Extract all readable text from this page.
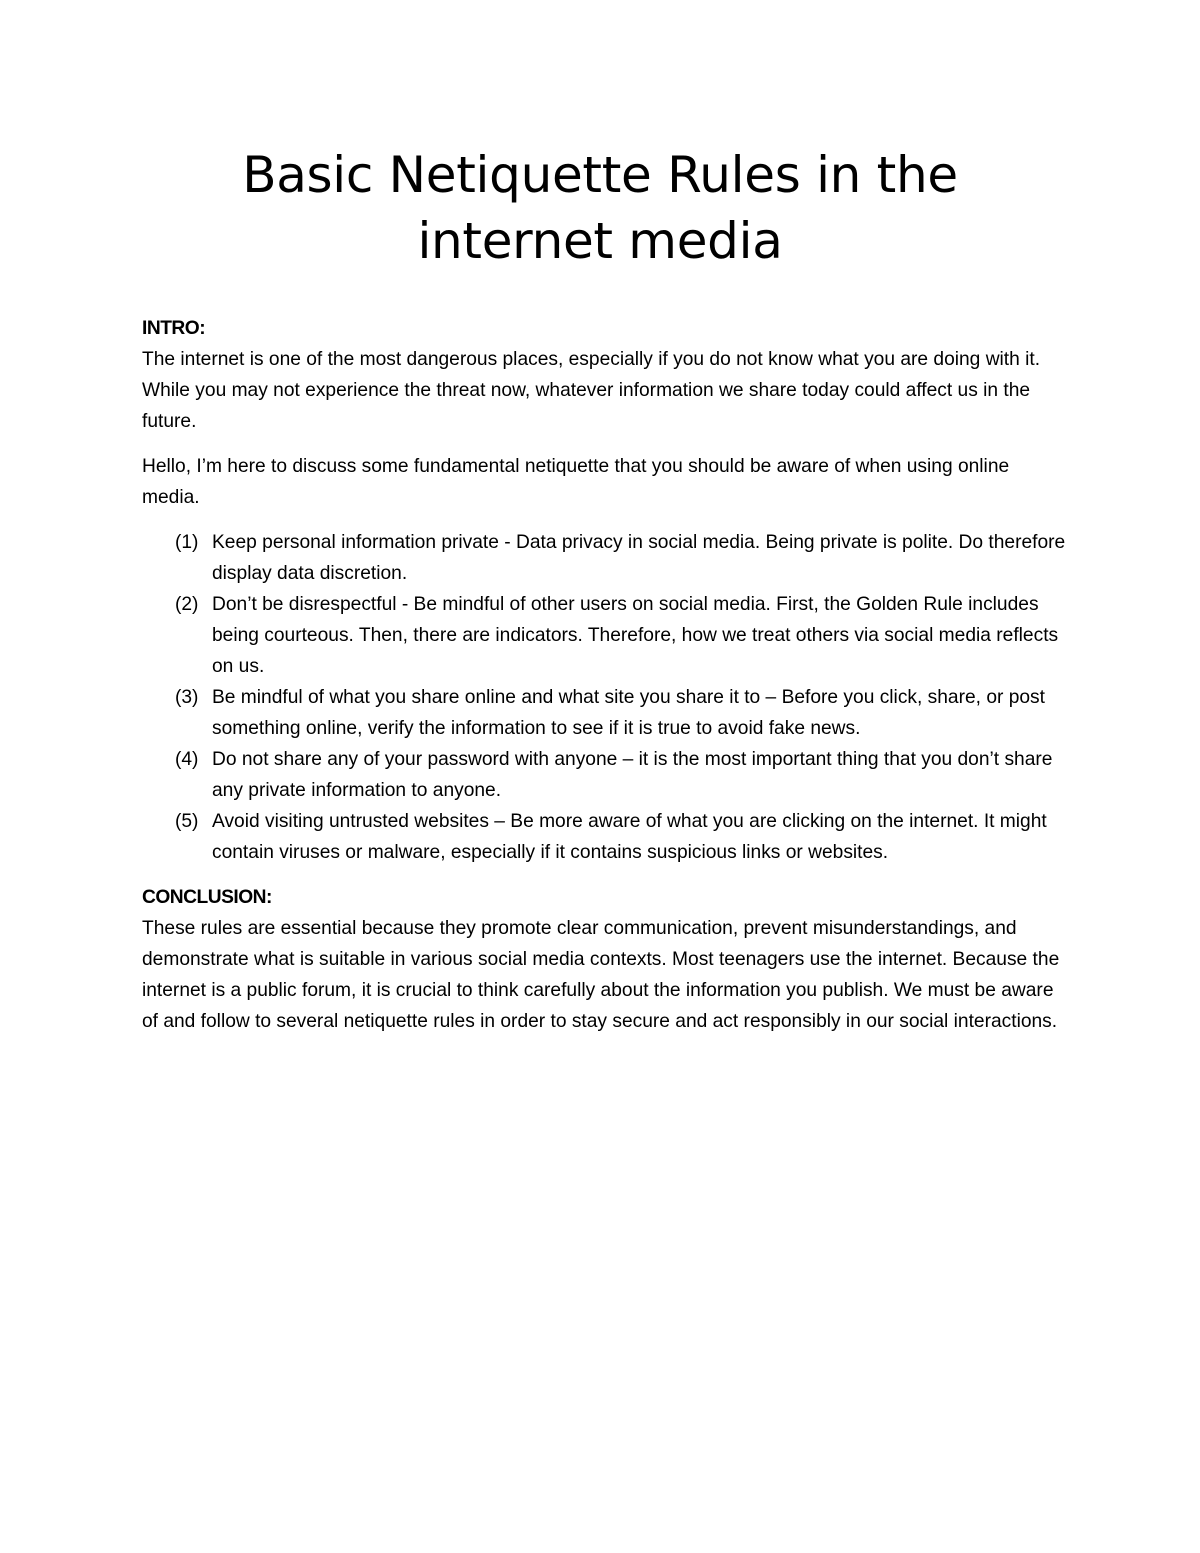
Basic Netiquette Rules in the
internet media

INTRO:

The internet is one of the most dangerous places, especially if you do not know what you are doing with it. While you may not experience the threat now, whatever information we share today could affect us in the future.

Hello, I’m here to discuss some fundamental netiquette that you should be aware of when using online media.

(1) Keep personal information private - Data privacy in social media. Being private is polite. Do therefore display data discretion.
(2) Don’t be disrespectful - Be mindful of other users on social media. First, the Golden Rule includes being courteous. Then, there are indicators. Therefore, how we treat others via social media reflects on us.
(3) Be mindful of what you share online and what site you share it to – Before you click, share, or post something online, verify the information to see if it is true to avoid fake news.
(4) Do not share any of your password with anyone – it is the most important thing that you don’t share any private information to anyone.
(5) Avoid visiting untrusted websites – Be more aware of what you are clicking on the internet. It might contain viruses or malware, especially if it contains suspicious links or websites.

CONCLUSION:

These rules are essential because they promote clear communication, prevent misunderstandings, and demonstrate what is suitable in various social media contexts. Most teenagers use the internet. Because the internet is a public forum, it is crucial to think carefully about the information you publish. We must be aware of and follow to several netiquette rules in order to stay secure and act responsibly in our social interactions.
